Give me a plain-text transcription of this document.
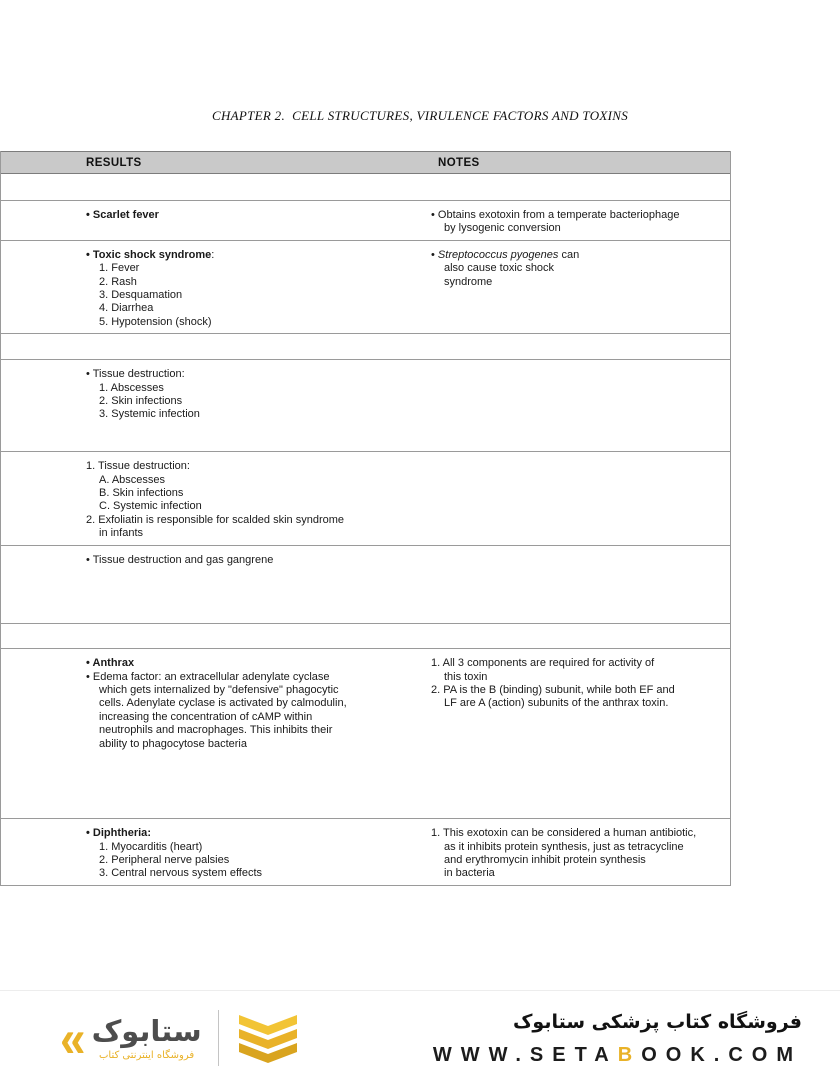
CHAPTER 2.  CELL STRUCTURES, VIRULENCE FACTORS AND TOXINS
RESULTS	NOTES
• Scarlet fever	• Obtains exotoxin from a temperate bacteriophage
by lysogenic conversion
• Toxic shock syndrome:
1. Fever
2. Rash
3. Desquamation
4. Diarrhea
5. Hypotension (shock)
• Streptococcus pyogenes can
also cause toxic shock
syndrome
• Tissue destruction:
1. Abscesses
2. Skin infections
3. Systemic infection
1. Tissue destruction:
A. Abscesses
B. Skin infections
C. Systemic infection
2. Exfoliatin is responsible for scalded skin syndrome
in infants
• Tissue destruction and gas gangrene
• Anthrax
• Edema factor: an extracellular adenylate cyclase
which gets internalized by "defensive" phagocytic
cells. Adenylate cyclase is activated by calmodulin,
increasing the concentration of cAMP within
neutrophils and macrophages. This inhibits their
ability to phagocytose bacteria
1. All 3 components are required for activity of
this toxin
2. PA is the B (binding) subunit, while both EF and
LF are A (action) subunits of the anthrax toxin.
• Diphtheria:
1. Myocarditis (heart)
2. Peripheral nerve palsies
3. Central nervous system effects
1. This exotoxin can be considered a human antibiotic,
as it inhibits protein synthesis, just as tetracycline
and erythromycin inhibit protein synthesis
in bacteria
« ستابوک
فروشگاه اینترنتی کتاب
فروشگاه کتاب پزشکی ستابوک
WWW.SETABOOK.COM
